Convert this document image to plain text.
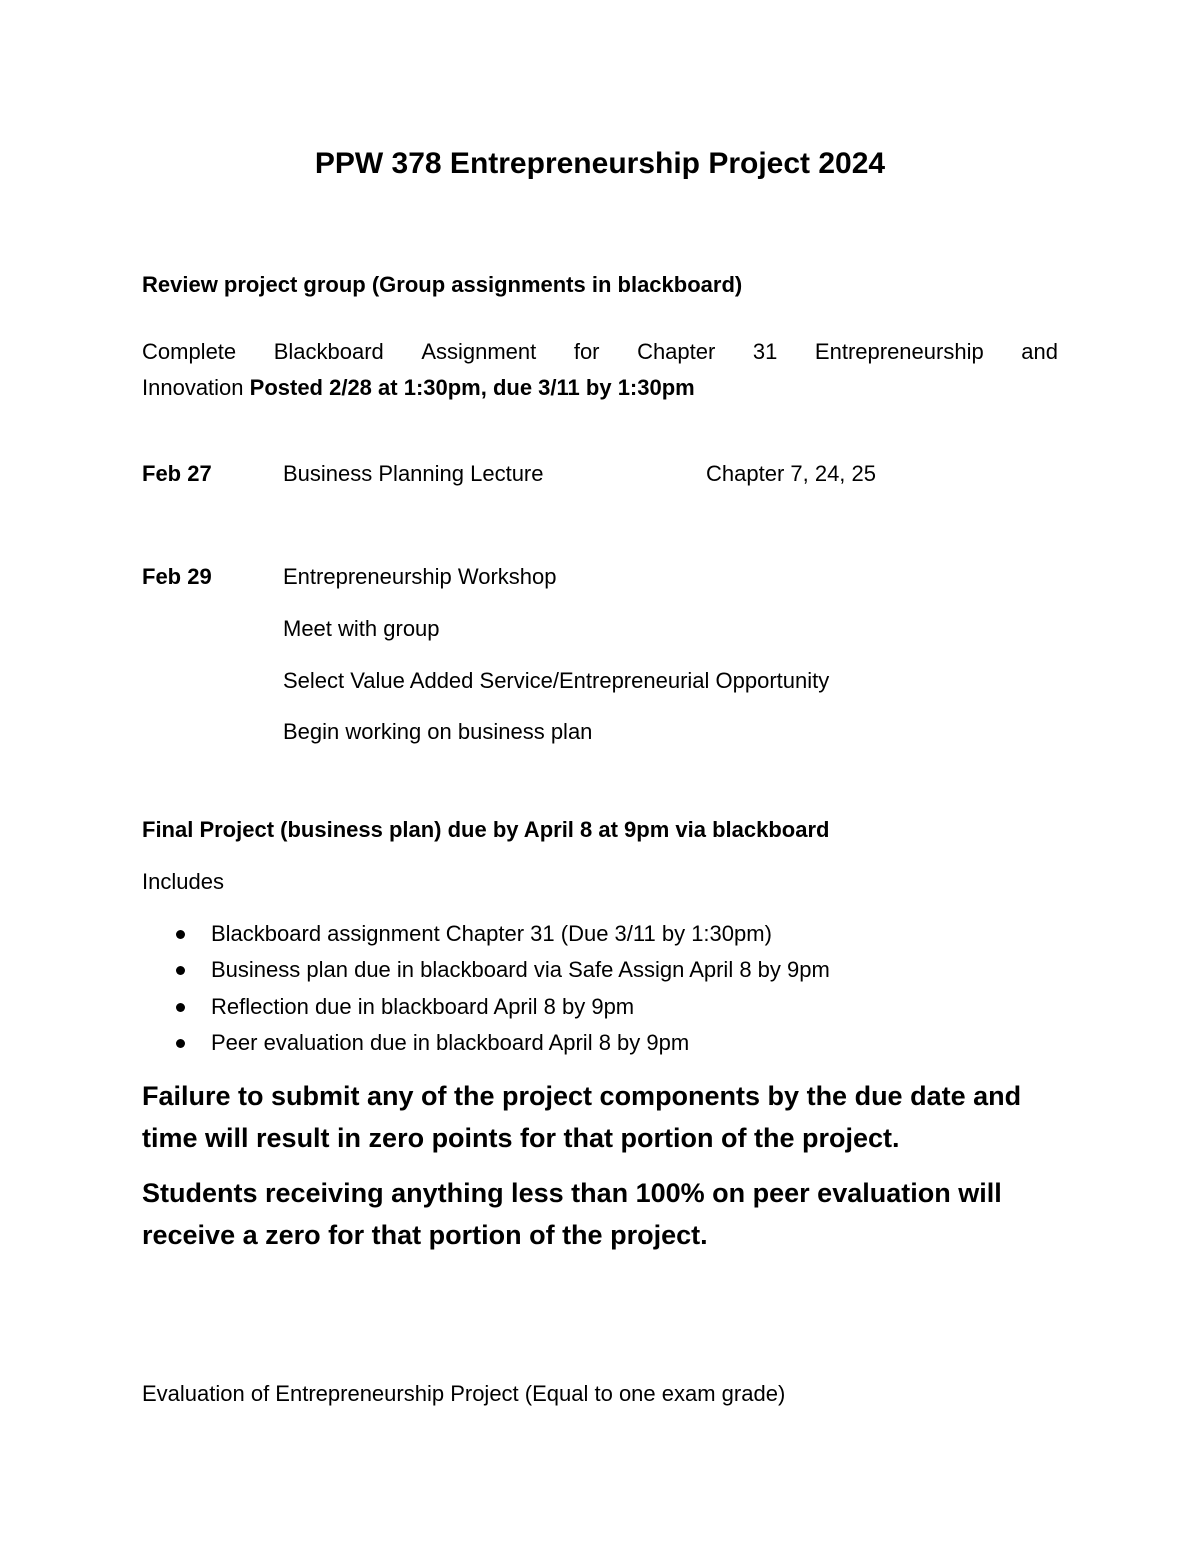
PPW 378 Entrepreneurship Project 2024
Review project group (Group assignments in blackboard)
Complete Blackboard Assignment for Chapter 31 Entrepreneurship and
Innovation Posted 2/28 at 1:30pm, due 3/11 by 1:30pm
Feb 27	Business Planning Lecture	Chapter 7, 24, 25
Feb 29	Entrepreneurship Workshop
Meet with group
Select Value Added Service/Entrepreneurial Opportunity
Begin working on business plan
Final Project (business plan) due by April 8 at 9pm via blackboard
Includes
Blackboard assignment Chapter 31 (Due 3/11 by 1:30pm)
Business plan due in blackboard via Safe Assign April 8 by 9pm
Reflection due in blackboard April 8 by 9pm
Peer evaluation due in blackboard April 8 by 9pm
Failure to submit any of the project components by the due date and time will result in zero points for that portion of the project.
Students receiving anything less than 100% on peer evaluation will receive a zero for that portion of the project.
Evaluation of Entrepreneurship Project (Equal to one exam grade)
